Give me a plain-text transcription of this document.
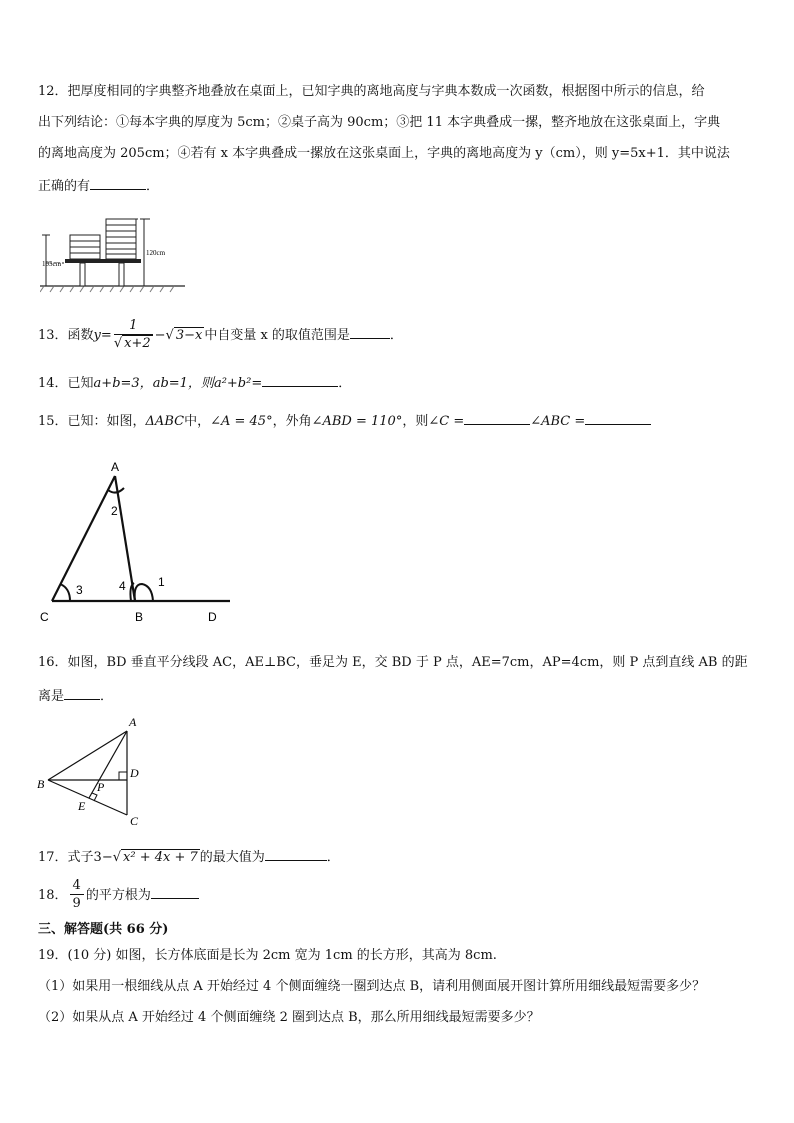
12．把厚度相同的字典整齐地叠放在桌面上，已知字典的离地高度与字典本数成一次函数，根据图中所示的信息，给
出下列结论：①每本字典的厚度为 5cm；②桌子高为 90cm；③把 11 本字典叠成一摞，整齐地放在这张桌面上，字典
的离地高度为 205cm；④若有 x 本字典叠成一摞放在这张桌面上，字典的离地高度为 y（cm），则 y=5x+1．其中说法
正确的有	．
105cm
120cm
13．函数$y= \frac{1}{√ x+2}$ −√ 3−x 中自变量 x 的取值范围是	．
14．已知a+b=3，ab=1，则a²+b²=	．
15．已知：如图，ΔABC中，∠A = 45°，外角∠ABD = 110°，则∠C =	∠ABC =
A
2
3	4	1
C	B	D
16．如图，BD 垂直平分线段 AC，AE⊥BC，垂足为 E，交 BD 于 P 点，AE=7cm，AP=4cm，则 P 点到直线 AB 的距
离是	．
A
D
B	P
E
C
17．式子3−√ x² + 4x + 7 的最大值为	．
18． $\frac{4}{9}$ 的平方根为
三、解答题(共 66 分)
19．(10 分) 如图，长方体底面是长为 2cm 宽为 1cm 的长方形，其高为 8cm.
（1）如果用一根细线从点 A 开始经过 4 个侧面缠绕一圈到达点 B，请利用侧面展开图计算所用细线最短需要多少？
（2）如果从点 A 开始经过 4 个侧面缠绕 2 圈到达点 B，那么所用细线最短需要多少？
